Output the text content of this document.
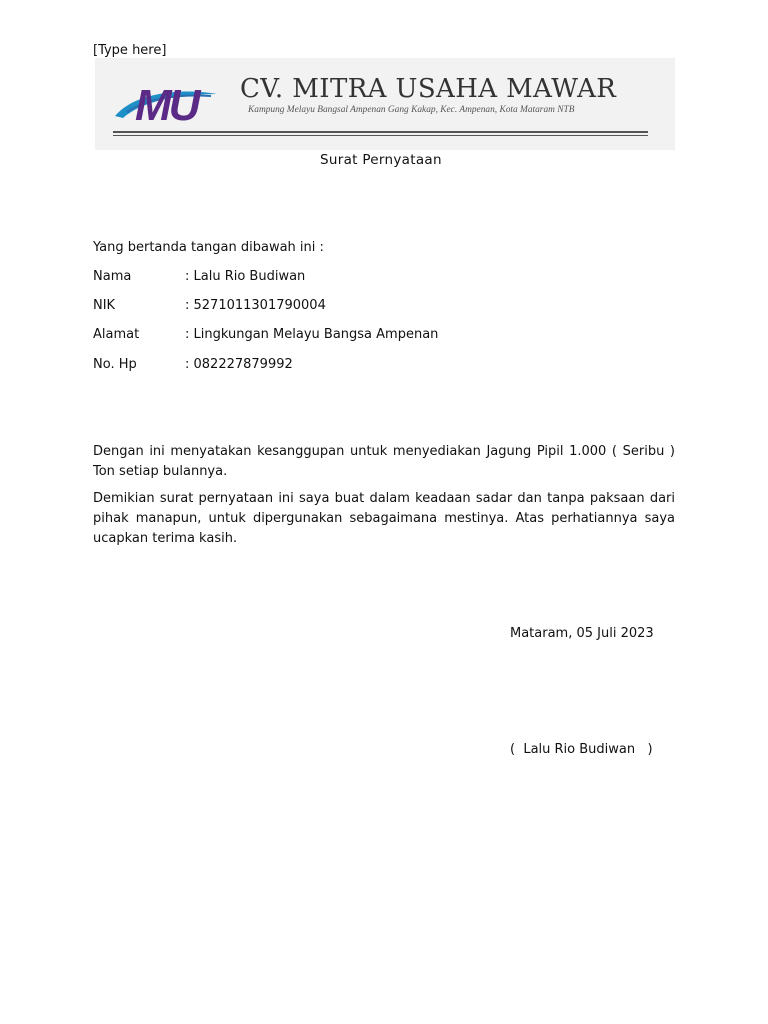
[Type here]
MU CV. MITRA USAHA MAWAR
Kampung Melayu Bangsal Ampenan Gang Kakap, Kec. Ampenan, Kota Mataram NTB
Surat Pernyataan
Yang bertanda tangan dibawah ini :
Nama	: Lalu Rio Budiwan
NIK	: 5271011301790004
Alamat	: Lingkungan Melayu Bangsa Ampenan
No. Hp	: 082227879992
Dengan ini menyatakan kesanggupan untuk menyediakan Jagung Pipil 1.000 ( Seribu ) Ton setiap bulannya.
Demikian surat pernyataan ini saya buat dalam keadaan sadar dan tanpa paksaan dari pihak manapun, untuk dipergunakan sebagaimana mestinya. Atas perhatiannya saya ucapkan terima kasih.
Mataram, 05 Juli 2023
(  Lalu Rio Budiwan   )
